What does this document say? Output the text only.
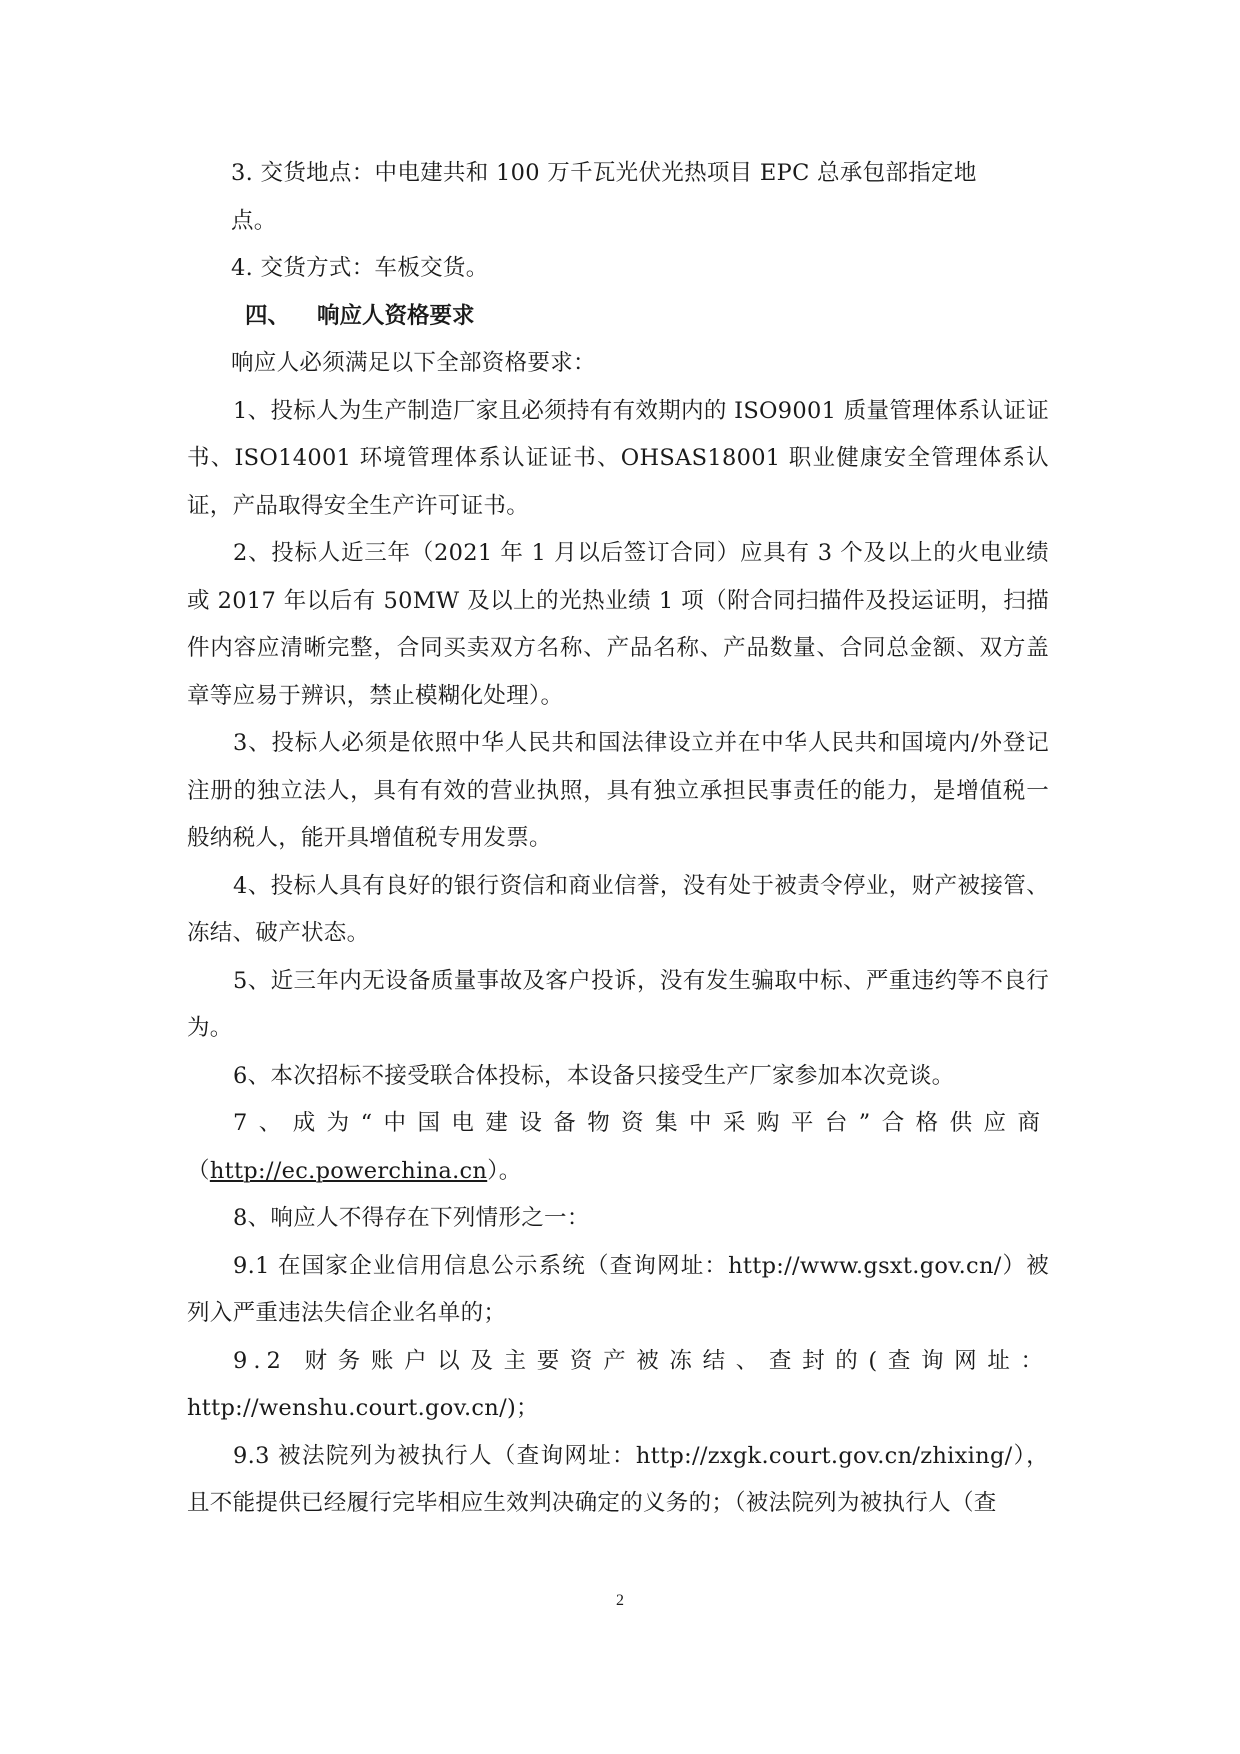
3. 交货地点：中电建共和 100 万千瓦光伏光热项目 EPC 总承包部指定地
点。

4. 交货方式：车板交货。

四、 响应人资格要求

响应人必须满足以下全部资格要求：

1、投标人为生产制造厂家且必须持有有效期内的 ISO9001 质量管理体系认证证书、ISO14001 环境管理体系认证证书、OHSAS18001 职业健康安全管理体系认证，产品取得安全生产许可证书。

2、投标人近三年（2021 年 1 月以后签订合同）应具有 3 个及以上的火电业绩或 2017 年以后有 50MW 及以上的光热业绩 1 项（附合同扫描件及投运证明，扫描件内容应清晰完整，合同买卖双方名称、产品名称、产品数量、合同总金额、双方盖章等应易于辨识，禁止模糊化处理）。

3、投标人必须是依照中华人民共和国法律设立并在中华人民共和国境内/外登记注册的独立法人，具有有效的营业执照，具有独立承担民事责任的能力，是增值税一般纳税人，能开具增值税专用发票。

4、投标人具有良好的银行资信和商业信誉，没有处于被责令停业，财产被接管、冻结、破产状态。

5、近三年内无设备质量事故及客户投诉，没有发生骗取中标、严重违约等不良行为。

6、本次招标不接受联合体投标，本设备只接受生产厂家参加本次竞谈。

7、成为“中国电建设备物资集中采购平台”合格供应商

（http://ec.powerchina.cn）。

8、响应人不得存在下列情形之一：

9.1 在国家企业信用信息公示系统（查询网址：http://www.gsxt.gov.cn/）被列入严重违法失信企业名单的；

9.2 财务账户以及主要资产被冻结、查封的(查询网址：

http://wenshu.court.gov.cn/)；

9.3 被法院列为被执行人（查询网址：http://zxgk.court.gov.cn/zhixing/），且不能提供已经履行完毕相应生效判决确定的义务的；（被法院列为被执行人（查

2
